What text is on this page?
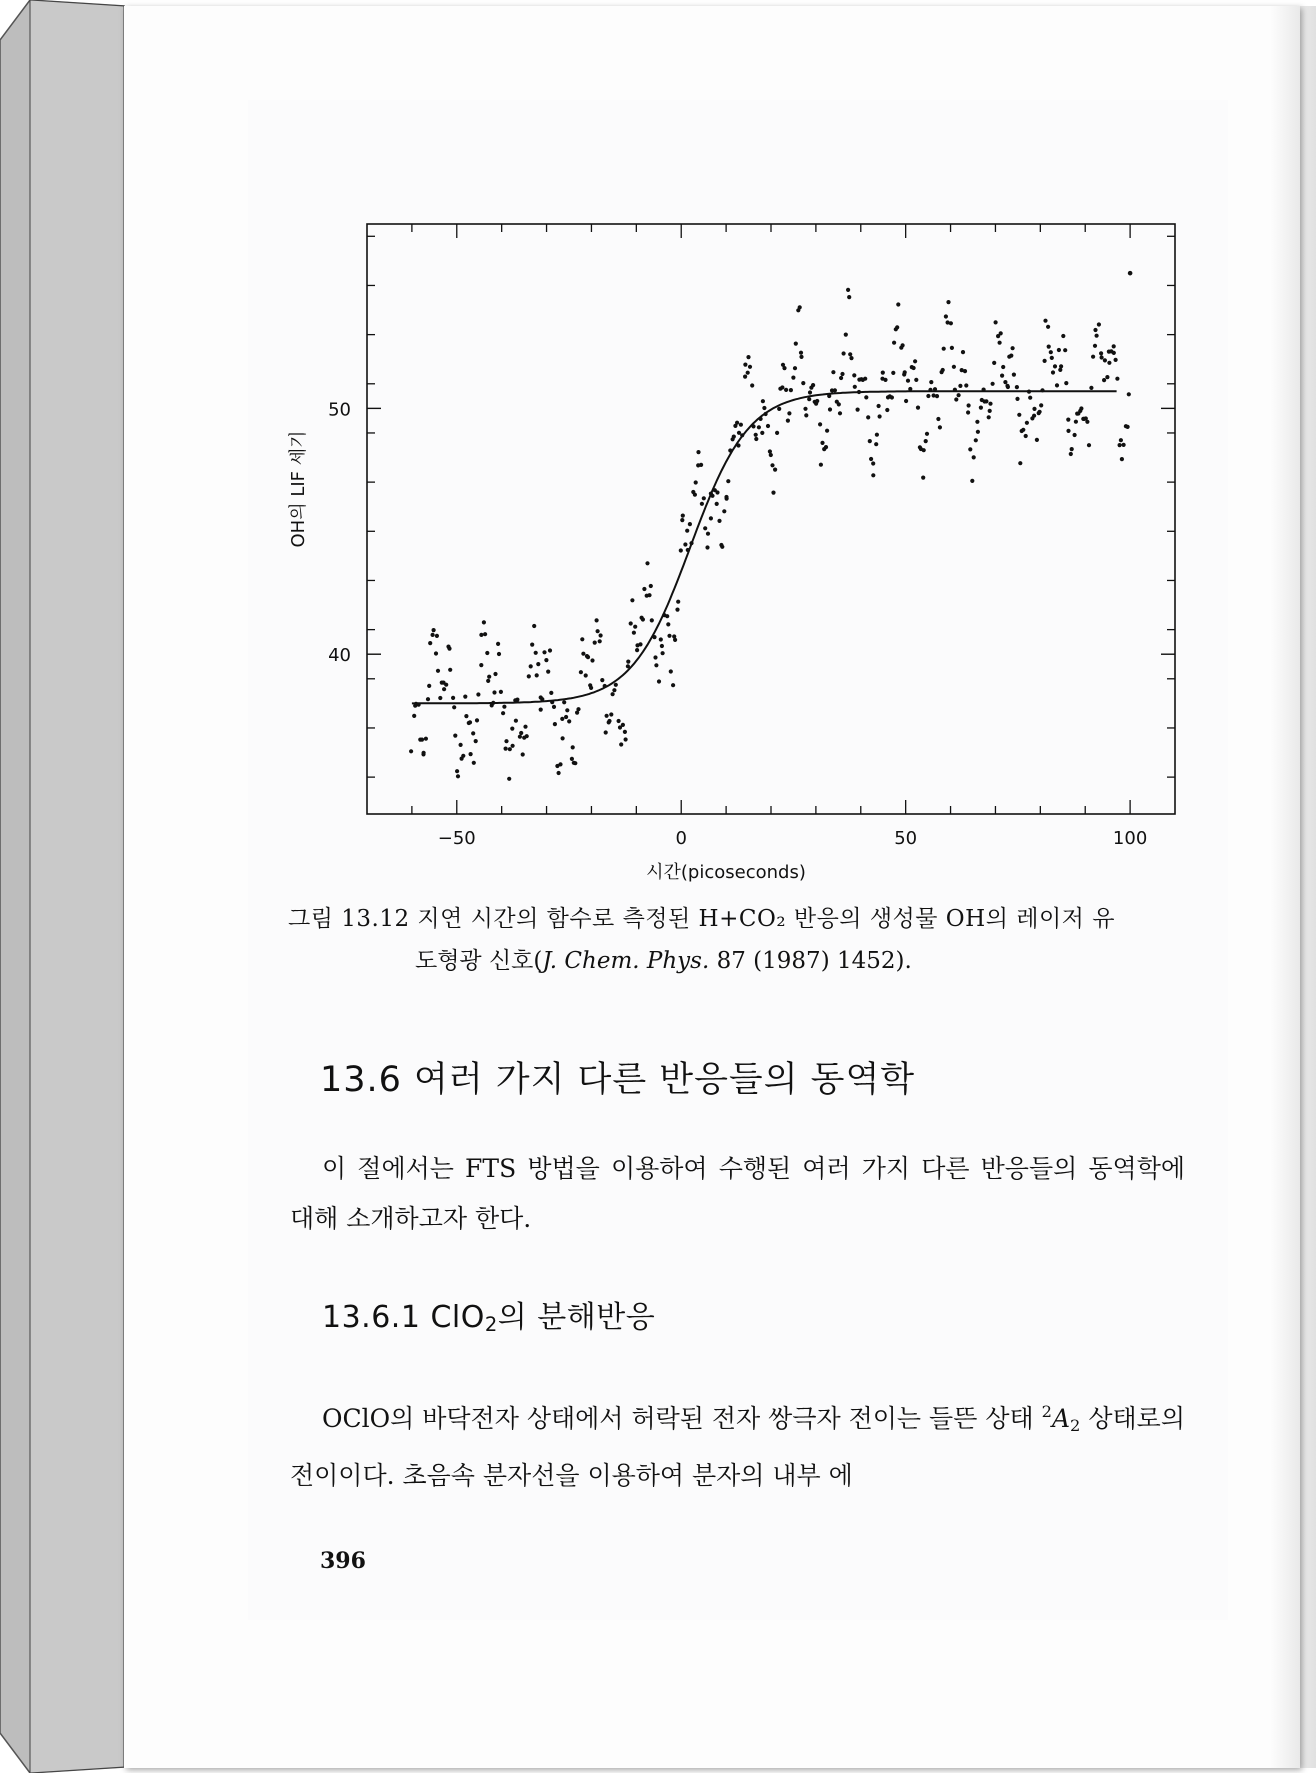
−50	0	50	100
40
50
시간(picoseconds)
OH의 LIF 세기
그림 13.12 지연 시간의 함수로 측정된 H+CO₂ 반응의 생성물 OH의 레이저 유
도형광 신호(J. Chem. Phys. 87 (1987) 1452).
13.6 여러 가지 다른 반응들의 동역학
이 절에서는 FTS 방법을 이용하여 수행된 여러 가지 다른 반응들의 동역학에 대해 소개하고자 한다.
13.6.1 ClO$_2$의 분해반응
OClO의 바닥전자 상태에서 허락된 전자 쌍극자 전이는 들뜬 상태 $^2A_2$ 상태로의 전이이다. 초음속 분자선을 이용하여 분자의 내부 에
396
